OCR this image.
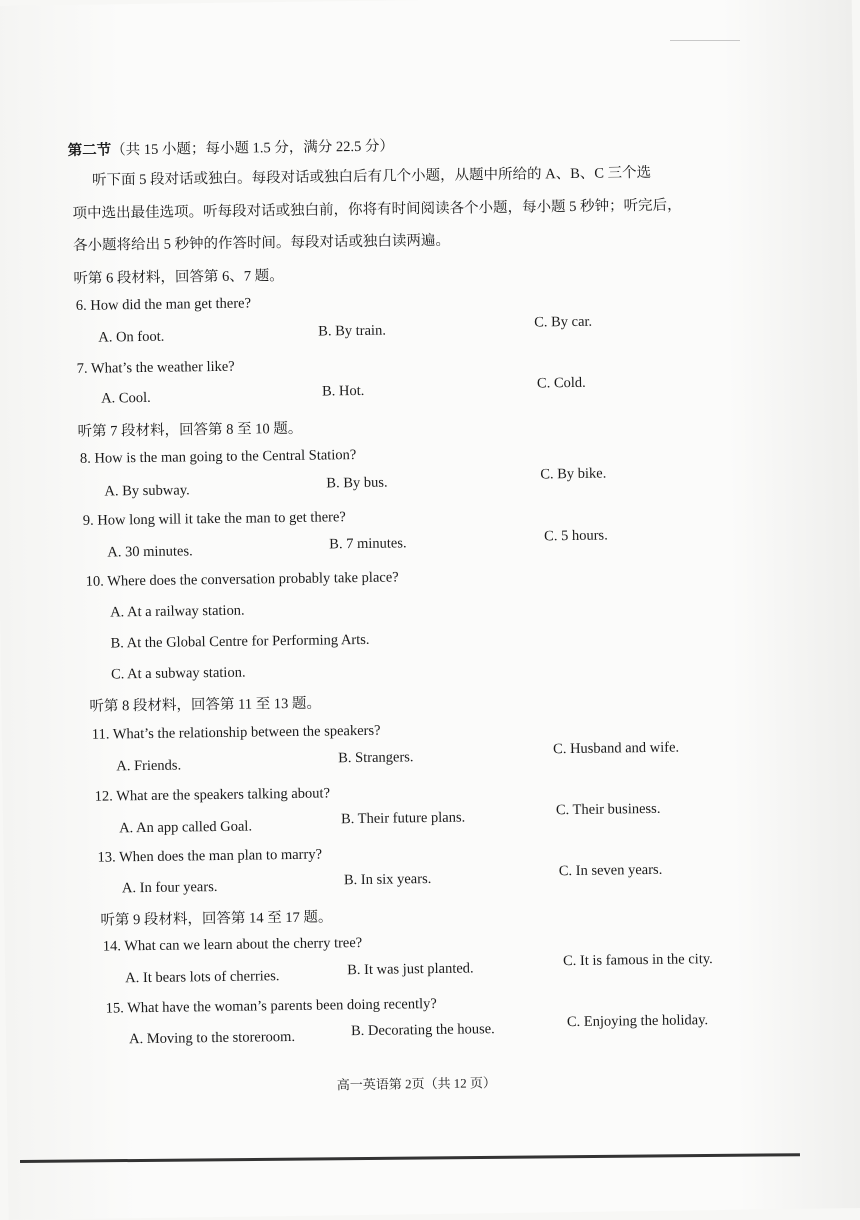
第二节（共 15 小题；每小题 1.5 分，满分 22.5 分）
听下面 5 段对话或独白。每段对话或独白后有几个小题，从题中所给的 A、B、C 三个选
项中选出最佳选项。听每段对话或独白前，你将有时间阅读各个小题，每小题 5 秒钟；听完后，
各小题将给出 5 秒钟的作答时间。每段对话或独白读两遍。
听第 6 段材料，回答第 6、7 题。
6. How did the man get there?
A. On foot.	B. By train.
C. By car.
7. What’s the weather like?
A. Cool.	B. Hot.	C. Cold.
听第 7 段材料，回答第 8 至 10 题。
8. How is the man going to the Central Station?
A. By subway.	B. By bus.
C. By bike.
9. How long will it take the man to get there?
A. 30 minutes.	B. 7 minutes.	C. 5 hours.
10. Where does the conversation probably take place?
A. At a railway station.
B. At the Global Centre for Performing Arts.
C. At a subway station.
听第 8 段材料，回答第 11 至 13 题。
11. What’s the relationship between the speakers?
A. Friends.	B. Strangers.
C. Husband and wife.
12. What are the speakers talking about?
A. An app called Goal.
B. Their future plans.	C. Their business.
13. When does the man plan to marry?
A. In four years.	B. In six years.
C. In seven years.
听第 9 段材料，回答第 14 至 17 题。
14. What can we learn about the cherry tree?
A. It bears lots of cherries.	B. It was just planted.
C. It is famous in the city.
15. What have the woman’s parents been doing recently?
A. Moving to the storeroom.	B. Decorating the house.	C. Enjoying the holiday.
高一英语第 2页（共 12 页）
